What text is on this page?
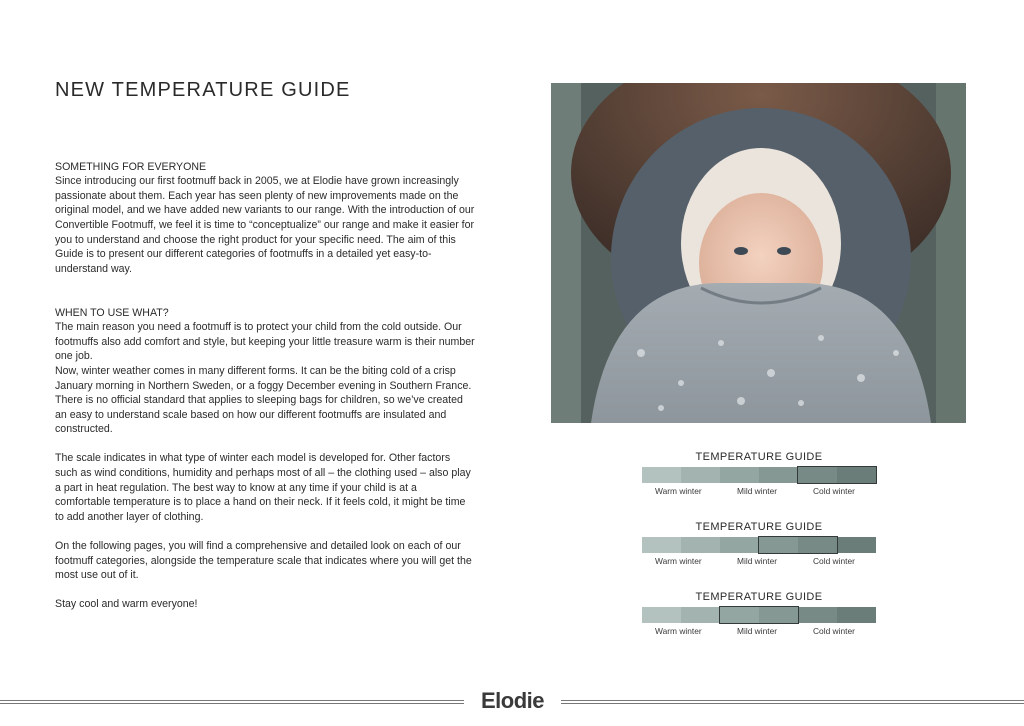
NEW TEMPERATURE GUIDE

SOMETHING FOR EVERYONE
Since introducing our first footmuff back in 2005, we at Elodie have grown increasingly passionate about them. Each year has seen plenty of new improvements made on the original model, and we have added new variants to our range. With the introduction of our Convertible Footmuff, we feel it is time to “conceptualize” our range and make it easier for you to understand and choose the right product for your specific need. The aim of this Guide is to present our different categories of footmuffs in a detailed yet easy-to-understand way.

WHEN TO USE WHAT?
The main reason you need a footmuff is to protect your child from the cold outside. Our footmuffs also add comfort and style, but keeping your little treasure warm is their number one job.
Now, winter weather comes in many different forms. It can be the biting cold of a crisp January morning in Northern Sweden, or a foggy December evening in Southern France. There is no official standard that applies to sleeping bags for children, so we’ve created an easy to understand scale based on how our different footmuffs are insulated and constructed.

The scale indicates in what type of winter each model is developed for. Other factors such as wind conditions, humidity and perhaps most of all – the clothing used – also play a part in heat regulation. The best way to know at any time if your child is at a comfortable temperature is to place a hand on their neck. If it feels cold, it might be time to add another layer of clothing.

On the following pages, you will find a comprehensive and detailed look on each of our footmuff categories, alongside the temperature scale that indicates where you will get the most use out of it.

Stay cool and warm everyone!

TEMPERATURE GUIDE
Warm winter	Mild winter	Cold winter
TEMPERATURE GUIDE
Warm winter	Mild winter	Cold winter
TEMPERATURE GUIDE
Warm winter	Mild winter	Cold winter
Elodie
